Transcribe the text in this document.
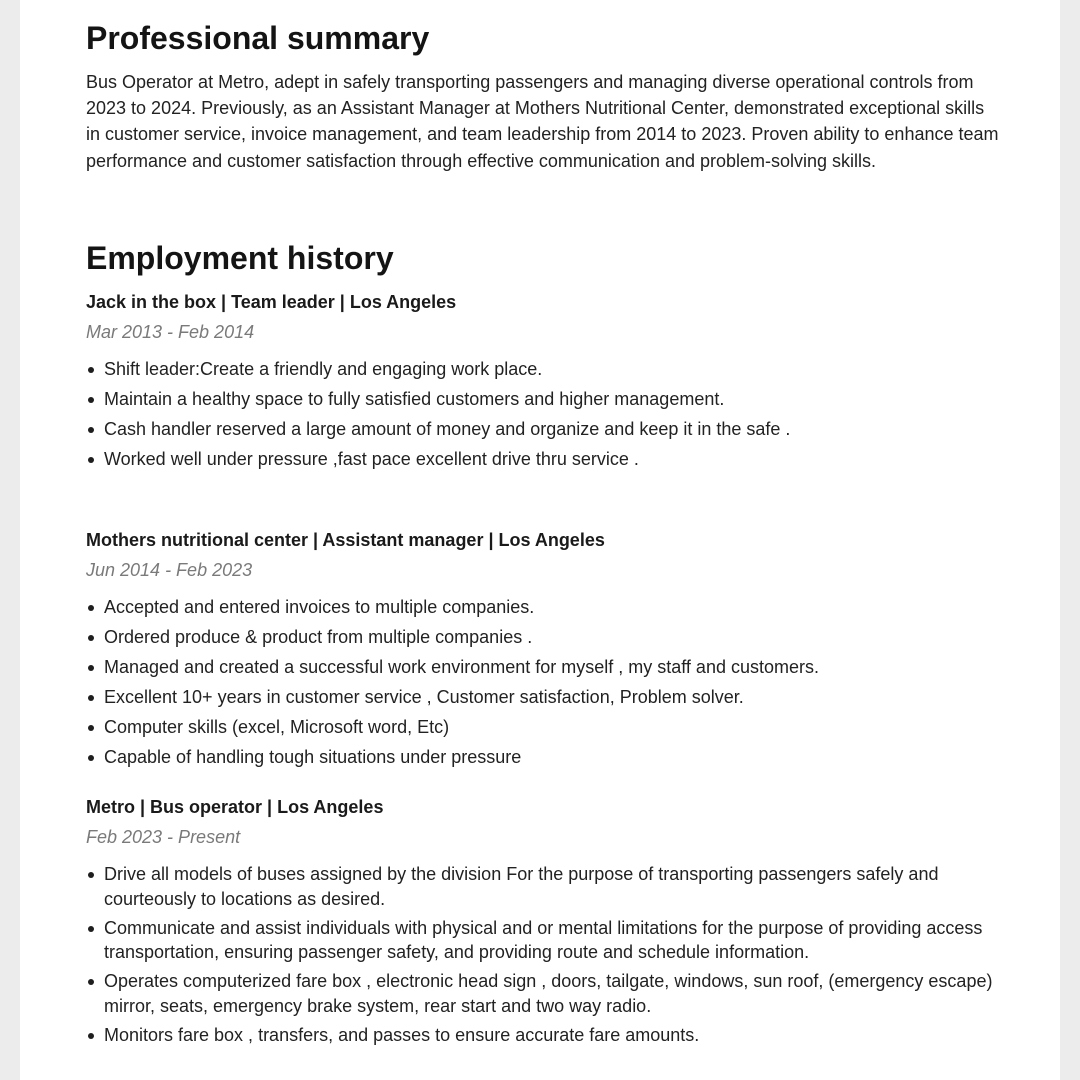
Professional summary

Bus Operator at Metro, adept in safely transporting passengers and managing diverse operational controls from 2023 to 2024. Previously, as an Assistant Manager at Mothers Nutritional Center, demonstrated exceptional skills in customer service, invoice management, and team leadership from 2014 to 2023. Proven ability to enhance team performance and customer satisfaction through effective communication and problem-solving skills.

Employment history

Jack in the box | Team leader | Los Angeles

Mar 2013 - Feb 2014

Shift leader:Create a friendly and engaging work place.
Maintain a healthy space to fully satisfied customers and higher management.
Cash handler reserved a large amount of money and organize and keep it in the safe .
Worked well under pressure ,fast pace excellent drive thru service .

Mothers nutritional center | Assistant manager | Los Angeles

Jun 2014 - Feb 2023

Accepted and entered invoices to multiple companies.
Ordered produce & product from multiple companies .
Managed and created a successful work environment for myself , my staff and customers.
Excellent 10+ years in customer service , Customer satisfaction, Problem solver.
Computer skills (excel, Microsoft word, Etc)
Capable of handling tough situations under pressure

Metro | Bus operator | Los Angeles

Feb 2023 - Present

Drive all models of buses assigned by the division For the purpose of transporting passengers safely and courteously to locations as desired.
Communicate and assist individuals with physical and or mental limitations for the purpose of providing access transportation, ensuring passenger safety, and providing route and schedule information.
Operates computerized fare box , electronic head sign , doors, tailgate, windows, sun roof, (emergency escape) mirror, seats, emergency brake system, rear start and two way radio.
Monitors fare box , transfers, and passes to ensure accurate fare amounts.
